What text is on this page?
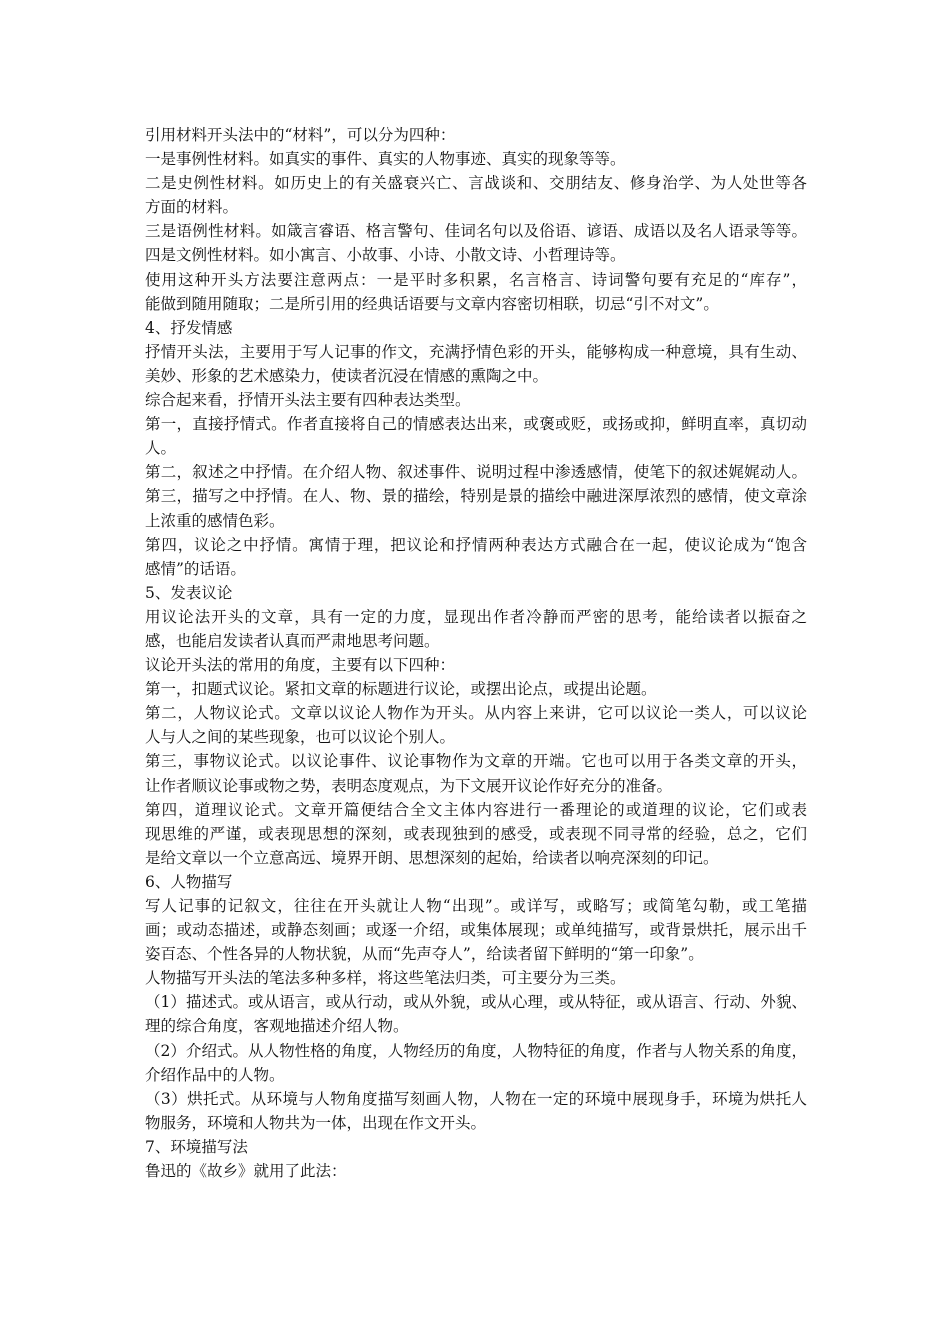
引用材料开头法中的“材料”，可以分为四种：
一是事例性材料。如真实的事件、真实的人物事迹、真实的现象等等。
二是史例性材料。如历史上的有关盛衰兴亡、言战谈和、交朋结友、修身治学、为人处世等各
方面的材料。
三是语例性材料。如箴言睿语、格言警句、佳词名句以及俗语、谚语、成语以及名人语录等等。
四是文例性材料。如小寓言、小故事、小诗、小散文诗、小哲理诗等。
使用这种开头方法要注意两点：一是平时多积累，名言格言、诗词警句要有充足的“库存”，
能做到随用随取；二是所引用的经典话语要与文章内容密切相联，切忌“引不对文”。
4、抒发情感
抒情开头法，主要用于写人记事的作文，充满抒情色彩的开头，能够构成一种意境，具有生动、
美妙、形象的艺术感染力，使读者沉浸在情感的熏陶之中。
综合起来看，抒情开头法主要有四种表达类型。
第一，直接抒情式。作者直接将自己的情感表达出来，或褒或贬，或扬或抑，鲜明直率，真切动
人。
第二，叙述之中抒情。在介绍人物、叙述事件、说明过程中渗透感情，使笔下的叙述娓娓动人。
第三，描写之中抒情。在人、物、景的描绘，特别是景的描绘中融进深厚浓烈的感情，使文章涂
上浓重的感情色彩。
第四，议论之中抒情。寓情于理，把议论和抒情两种表达方式融合在一起，使议论成为“饱含
感情”的话语。
5、发表议论
用议论法开头的文章，具有一定的力度，显现出作者冷静而严密的思考，能给读者以振奋之
感，也能启发读者认真而严肃地思考问题。
议论开头法的常用的角度，主要有以下四种：
第一，扣题式议论。紧扣文章的标题进行议论，或摆出论点，或提出论题。
第二，人物议论式。文章以议论人物作为开头。从内容上来讲，它可以议论一类人，可以议论
人与人之间的某些现象，也可以议论个别人。
第三，事物议论式。以议论事件、议论事物作为文章的开端。它也可以用于各类文章的开头，
让作者顺议论事或物之势，表明态度观点，为下文展开议论作好充分的准备。
第四，道理议论式。文章开篇便结合全文主体内容进行一番理论的或道理的议论，它们或表
现思维的严谨，或表现思想的深刻，或表现独到的感受，或表现不同寻常的经验，总之，它们
是给文章以一个立意高远、境界开朗、思想深刻的起始，给读者以响亮深刻的印记。
6、人物描写
写人记事的记叙文，往往在开头就让人物“出现”。或详写，或略写；或简笔勾勒，或工笔描
画；或动态描述，或静态刻画；或逐一介绍，或集体展现；或单纯描写，或背景烘托，展示出千
姿百态、个性各异的人物状貌，从而“先声夺人”，给读者留下鲜明的“第一印象”。
人物描写开头法的笔法多种多样，将这些笔法归类，可主要分为三类。
（1）描述式。或从语言，或从行动，或从外貌，或从心理，或从特征，或从语言、行动、外貌、
理的综合角度，客观地描述介绍人物。
（2）介绍式。从人物性格的角度，人物经历的角度，人物特征的角度，作者与人物关系的角度，
介绍作品中的人物。
（3）烘托式。从环境与人物角度描写刻画人物，人物在一定的环境中展现身手，环境为烘托人
物服务，环境和人物共为一体，出现在作文开头。
7、环境描写法
鲁迅的《故乡》就用了此法：
